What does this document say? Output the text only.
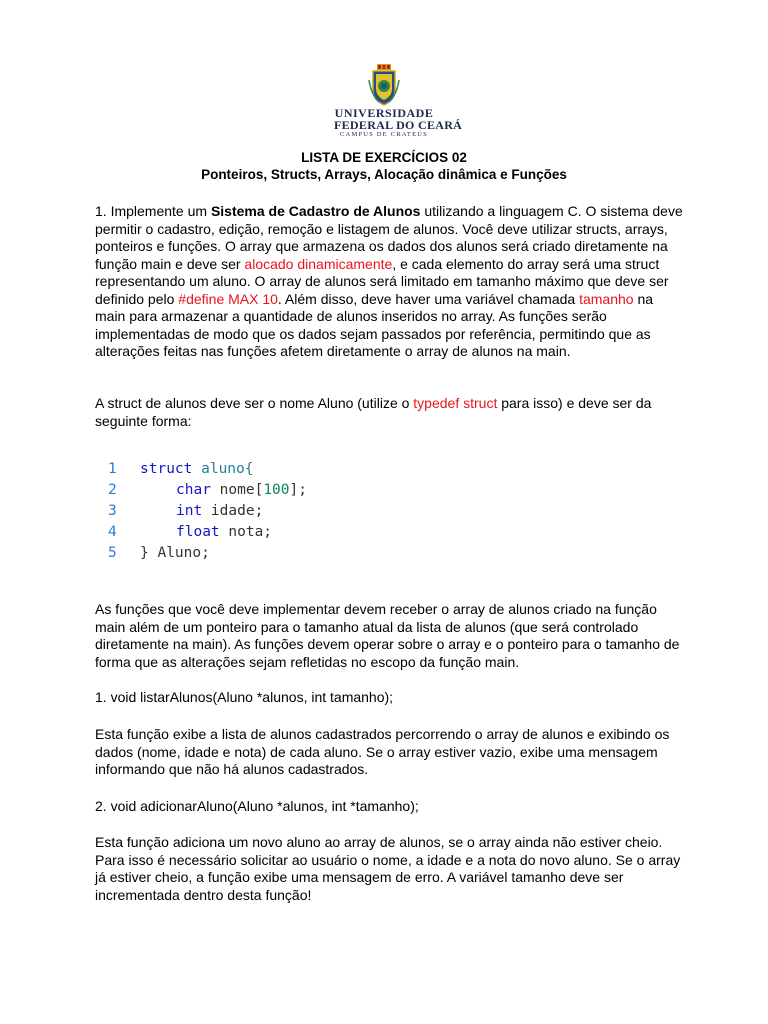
UNIVERSIDADE
FEDERAL DO CEARÁ
CAMPUS DE CRATEÚS
LISTA DE EXERCÍCIOS 02
Ponteiros, Structs, Arrays, Alocação dinâmica e Funções
1. Implemente um Sistema de Cadastro de Alunos utilizando a linguagem C. O sistema deve permitir o cadastro, edição, remoção e listagem de alunos. Você deve utilizar structs, arrays, ponteiros e funções. O array que armazena os dados dos alunos será criado diretamente na função main e deve ser alocado dinamicamente, e cada elemento do array será uma struct representando um aluno. O array de alunos será limitado em tamanho máximo que deve ser definido pelo #define MAX 10. Além disso, deve haver uma variável chamada tamanho na main para armazenar a quantidade de alunos inseridos no array. As funções serão implementadas de modo que os dados sejam passados por referência, permitindo que as alterações feitas nas funções afetem diretamente o array de alunos na main.
A struct de alunos deve ser o nome Aluno (utilize o typedef struct para isso) e deve ser da seguinte forma:
1 struct aluno{
2	char nome[100];
3	int idade;
4	float nota;
5 } Aluno;
As funções que você deve implementar devem receber o array de alunos criado na função main além de um ponteiro para o tamanho atual da lista de alunos (que será controlado diretamente na main). As funções devem operar sobre o array e o ponteiro para o tamanho de forma que as alterações sejam refletidas no escopo da função main.
1. void listarAlunos(Aluno *alunos, int tamanho);
Esta função exibe a lista de alunos cadastrados percorrendo o array de alunos e exibindo os dados (nome, idade e nota) de cada aluno. Se o array estiver vazio, exibe uma mensagem informando que não há alunos cadastrados.
2. void adicionarAluno(Aluno *alunos, int *tamanho);
Esta função adiciona um novo aluno ao array de alunos, se o array ainda não estiver cheio. Para isso é necessário solicitar ao usuário o nome, a idade e a nota do novo aluno. Se o array já estiver cheio, a função exibe uma mensagem de erro. A variável tamanho deve ser incrementada dentro desta função!
